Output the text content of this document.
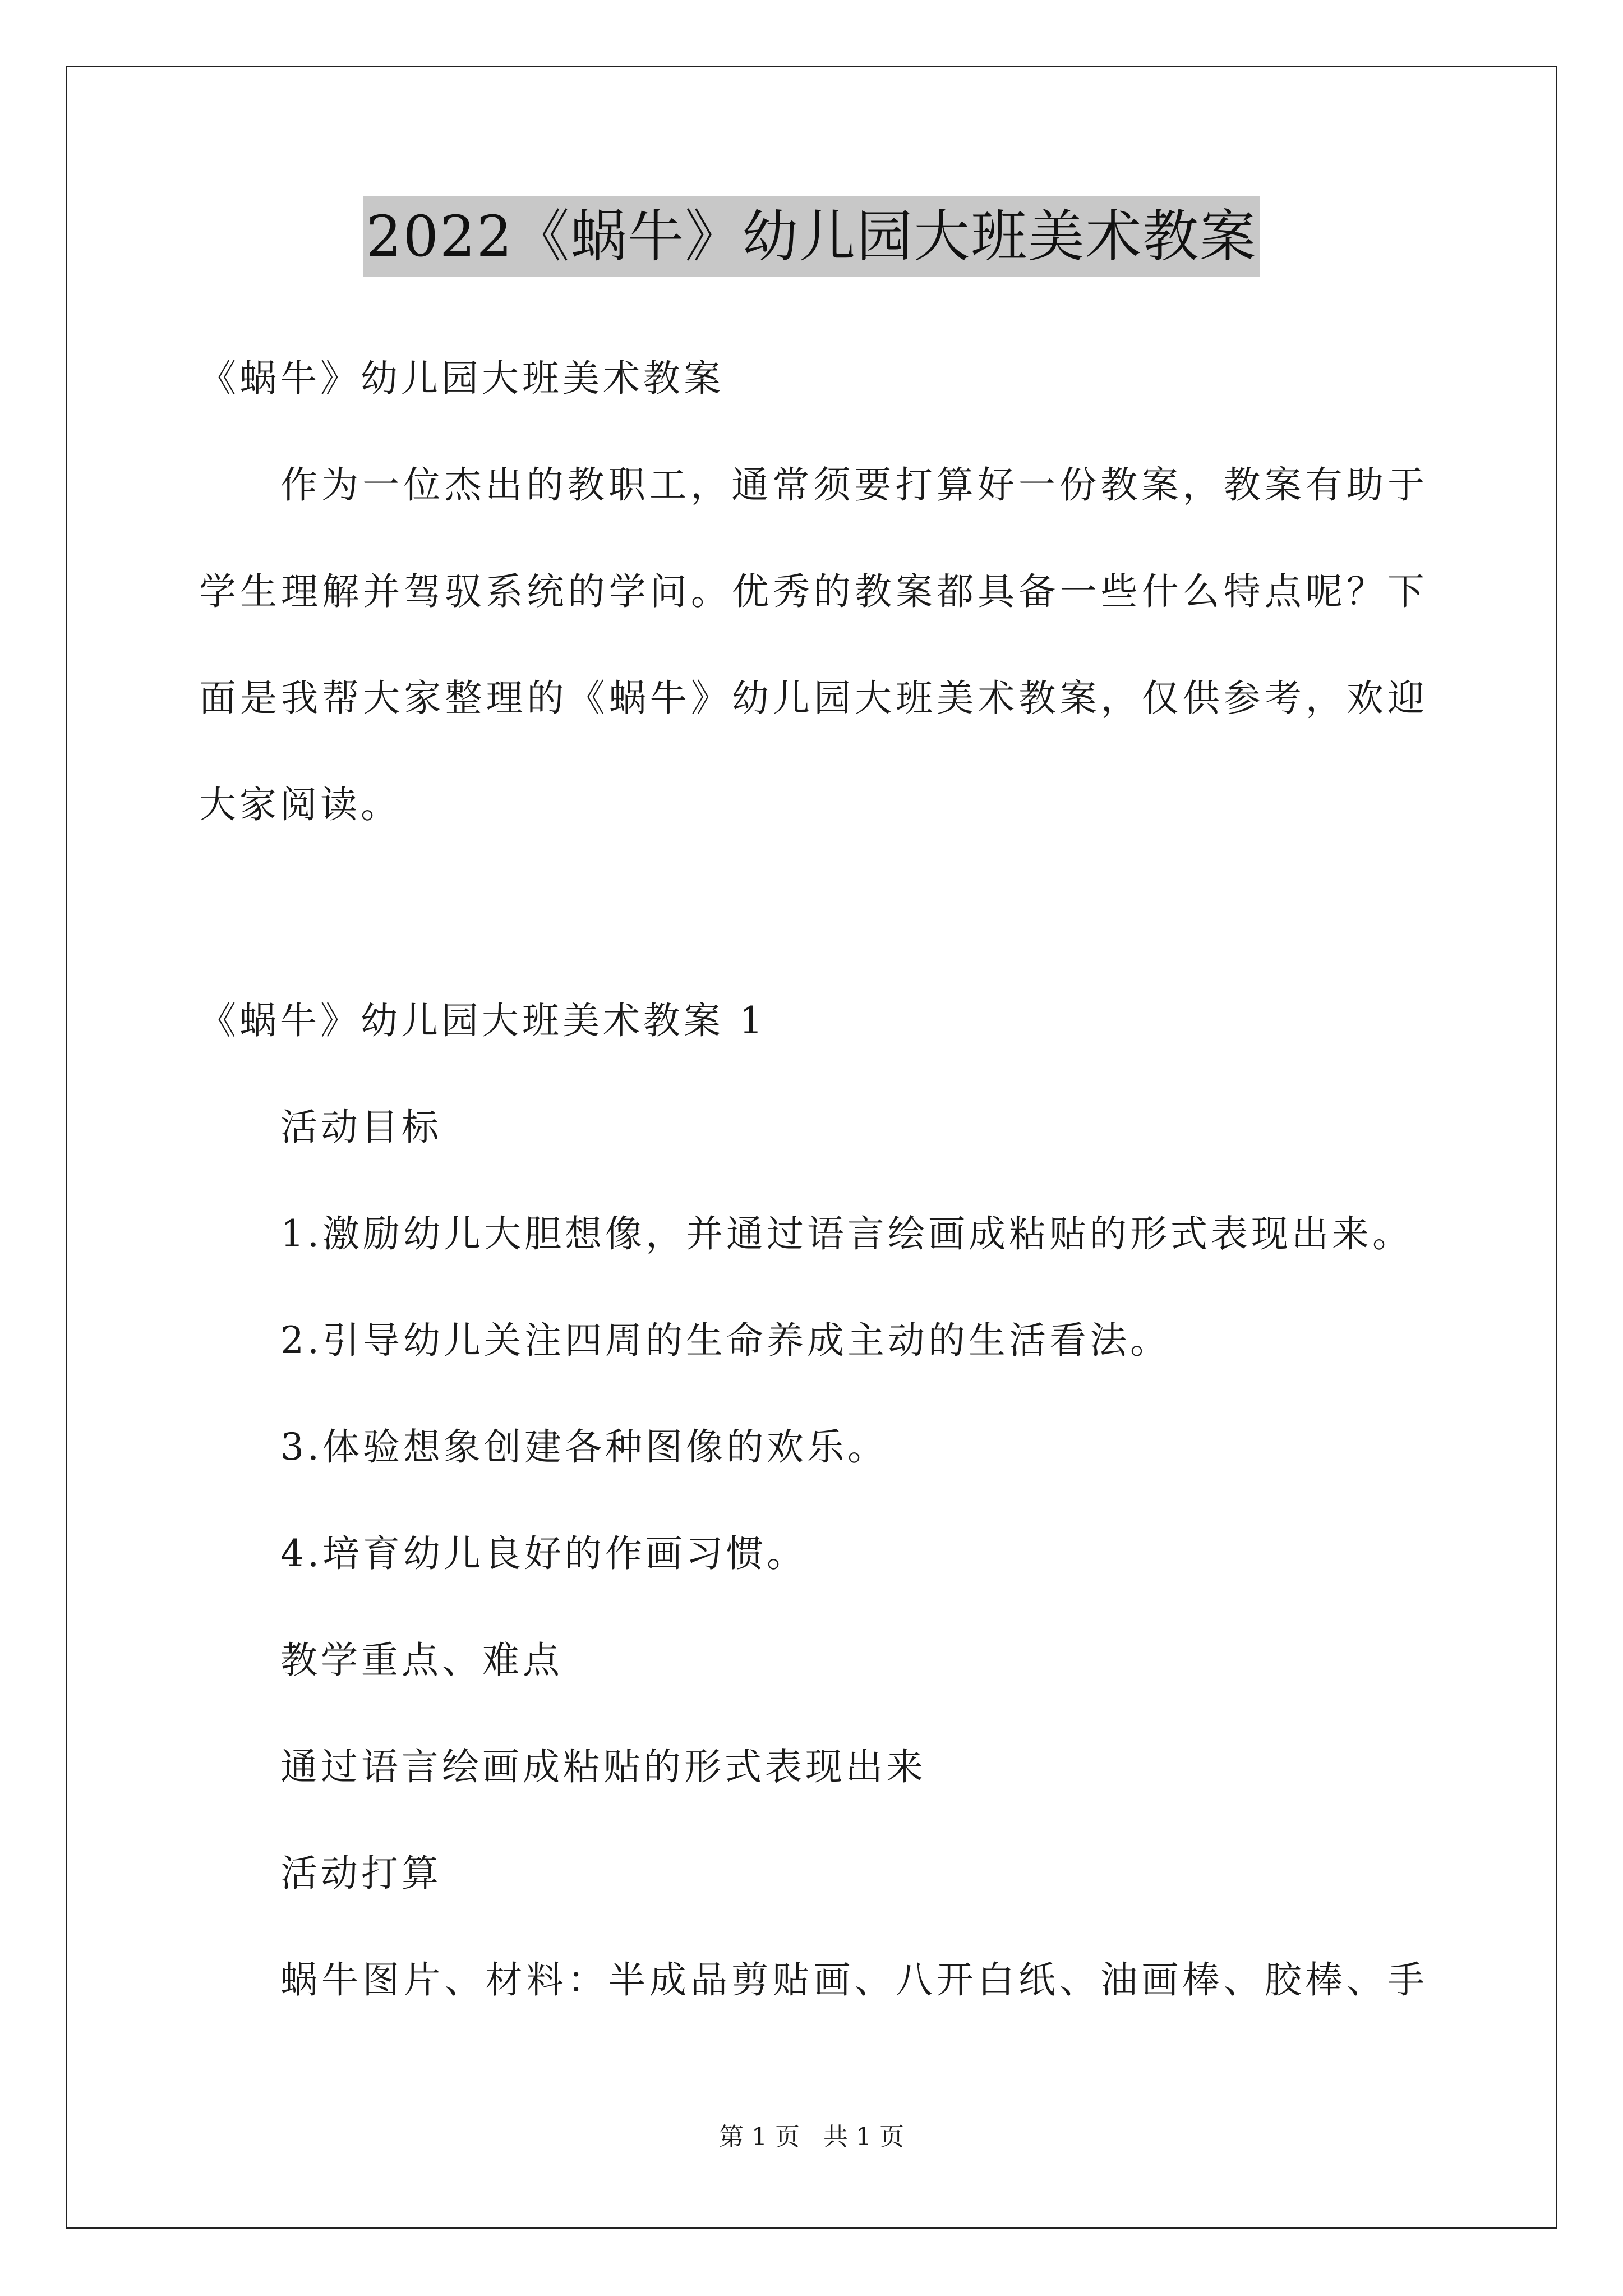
2022《蜗牛》幼儿园大班美术教案
《蜗牛》幼儿园大班美术教案
作为一位杰出的教职工，通常须要打算好一份教案，教案有助于
学生理解并驾驭系统的学问。优秀的教案都具备一些什么特点呢？下
面是我帮大家整理的《蜗牛》幼儿园大班美术教案，仅供参考，欢迎
大家阅读。
《蜗牛》幼儿园大班美术教案 1
活动目标
1.激励幼儿大胆想像，并通过语言绘画成粘贴的形式表现出来。
2.引导幼儿关注四周的生命养成主动的生活看法。
3.体验想象创建各种图像的欢乐。
4.培育幼儿良好的作画习惯。
教学重点、难点
通过语言绘画成粘贴的形式表现出来
活动打算
蜗牛图片、材料：半成品剪贴画、八开白纸、油画棒、胶棒、手
第 1 页 共 1 页
